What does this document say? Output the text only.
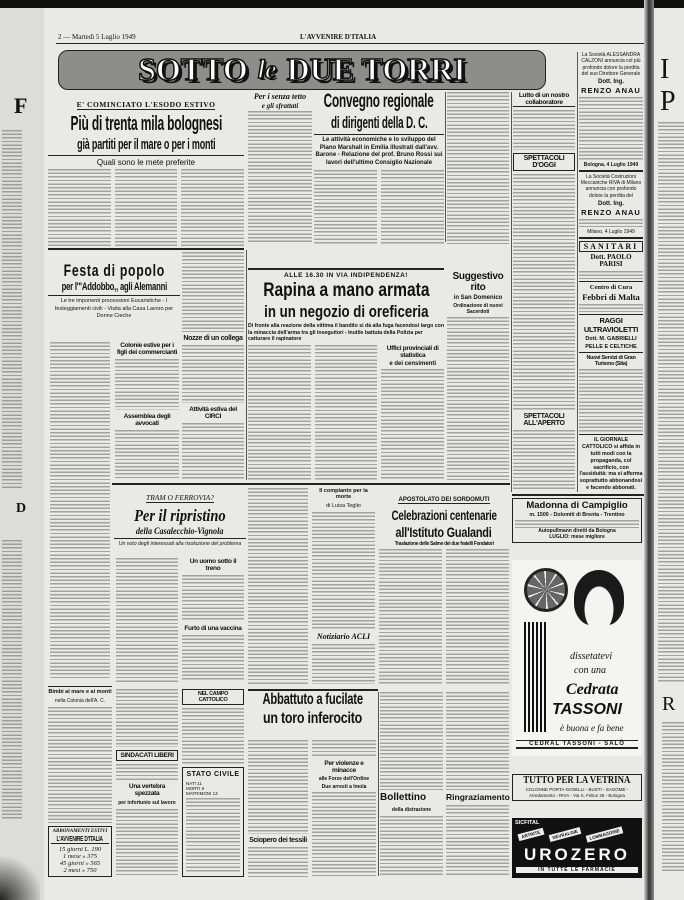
F
D
I
P
R
2 — Martedì 5 Luglio 1949	L'AVVENIRE D'ITALIA
SOTTO le DUE TORRI
E' COMINCIATO L'ESODO ESTIVO
Più di trenta mila bolognesi
già partiti per il mare o per i monti
Quali sono le mete preferite
Per i senza tetto
e gli sfrattati	Convegno regionale
di dirigenti della D. C.
Le attività economiche e lo sviluppo del Piano Marshall in Emilia illustrati dall'avv. Barone - Relazione del prof. Bruno Rossi sui lavori dell'ultimo Consiglio Nazionale
Lutto di un nostro collaboratore
SPETTACOLI D'OGGI
SPETTACOLI ALL'APERTO
La Società ALESSANDRA CALZONI annuncia col più profondo dolore la perdita del suo Direttore Generale
Dott. Ing.
RENZO ANAU
Bologna, 4 Luglio 1949
La Società Costruzioni Meccaniche RIVA di Milano annuncia con profondo dolore la perdita del
Dott. Ing.
RENZO ANAU
Milano, 4 Luglio 1949
SANITARI
Dott. PAOLO PARISI
Centro di Cura
Febbri di Malta
RAGGI ULTRAVIOLETTI
Dott. M. GABRIELLI
PELLE E CELTICHE
Nuovi Servizi di Gran Turismo (Sita)
IL GIORNALE CATTOLICO si affida in tutti modi con la propaganda, col sacrificio, con l'assiduità: ma si afferma soprattutto abbonandosi e facendo abbonati.
Festa di popolo
per l'"Addobbo,, agli Alemanni
Le tre imponenti processioni Eucaristiche - I festeggiamenti civili - Visita alla Casa Lavoro per Donne Cieche
Colonie estive per i figli dei commercianti
Assemblea degli avvocati
Nozze di un collega
Attività estiva del CIRCI
ALLE 16.30 IN VIA INDIPENDENZA!
Rapina a mano armata
in un negozio di oreficeria
Di fronte alla reazione della vittima il bandito si dà alla fuga facendosi largo con la minaccia dell'arma tra gli inseguitori - Inutile battuta della Polizia per catturare il rapinatore
Uffici provinciali di statistica
e dei censimenti
Suggestivo rito
in San Domenico
Ordinazione di nuovi Sacerdoti
TRAM O FERROVIA?
Per il ripristino
della Casalecchio-Vignola
Un voto degli interessati alla risoluzione del problema
Un uomo sotto il treno
Furto di una vaccina
Il compianto per la morte
di Luisa Teglio
Notiziario ACLI
APOSTOLATO DEI SORDOMUTI
Celebrazioni centenarie
all'Istituto Gualandi
Traslazione delle Salme dei due fratelli Fondatori
Madonna di Campiglio
m. 1500 - Dolomiti di Brenta - Trentino
Autopullmann diretti da Bologna
LUGLIO: mese migliore
dissetatevi
con una
Cedrata
TASSONI
è buona e fa bene
CEDRAL TASSONI - SALÒ
TUTTO PER LA VETRINA
COLONNE PORTA-GIOIELLI - BUSTI - SAGOME - Arredamento - RIVA - Via S. Felice 26 - Bologna
SICFITAL
ARTRITE	NEVRALGIE	LOMBAGGINE
UROZERO
IN TUTTE LE FARMACIE
Bimbi al mare e ai monti
nella Colonia dell'A. C.
ABBONAMENTI ESTIVI
L'AVVENIRE D'ITALIA
15 giorni L. 190
1 mese » 375
45 giorni » 565
2 mesi » 750
SINDACATI LIBERI
Una vertebra spezzata
per infortunio sul lavoro
NEL CAMPO CATTOLICO
STATO CIVILE
NATI 11
MORTI 9
MATRIMONI 13
Abbattuto a fucilate
un toro inferocito
Sciopero dei tessili
Per violenze e minacce
alle Forze dell'Ordine
Due arresti a Imola
Bollettino
della distrazione
Ringraziamento
